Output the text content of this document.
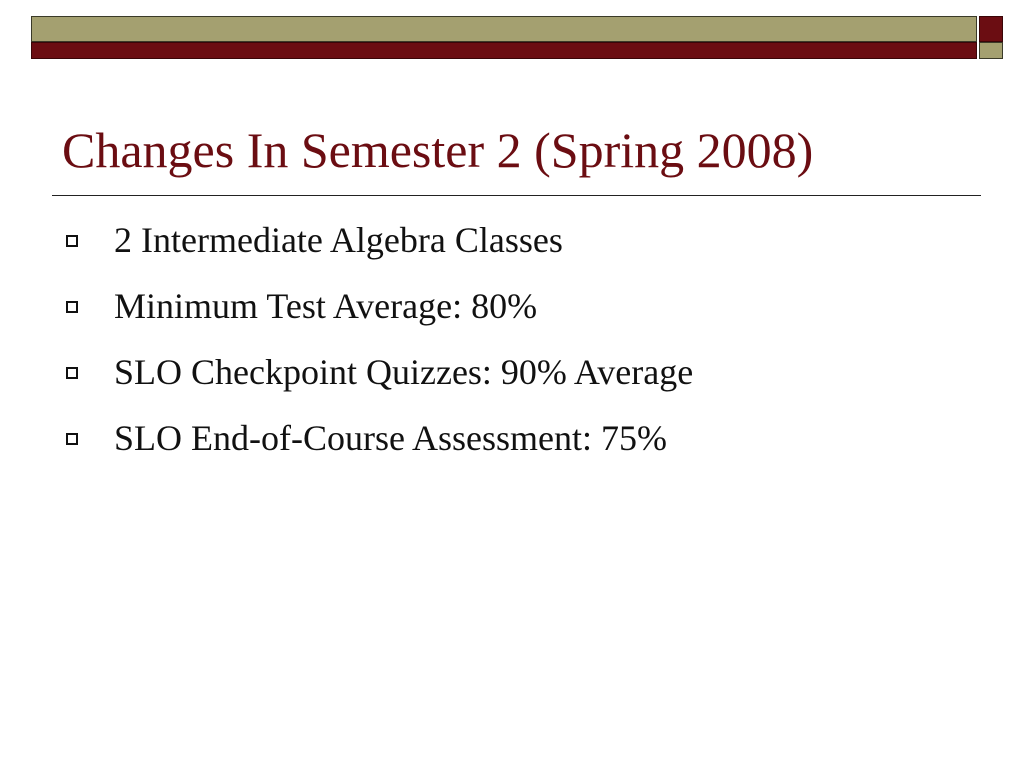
Changes In Semester 2 (Spring 2008)
2 Intermediate Algebra Classes
Minimum Test Average: 80%
SLO Checkpoint Quizzes: 90% Average
SLO End-of-Course Assessment: 75%
